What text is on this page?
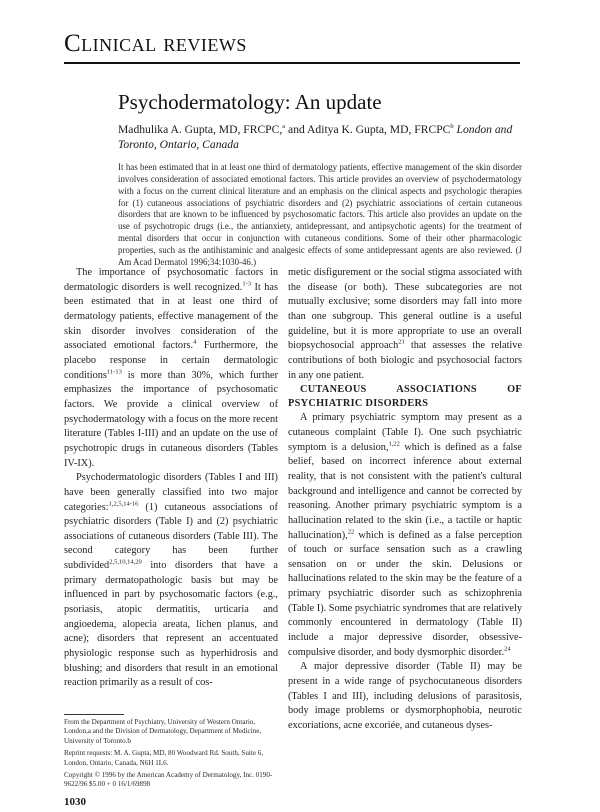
Clinical reviews
Psychodermatology: An update
Madhulika A. Gupta, MD, FRCPC,$^a$ and Aditya K. Gupta, MD, FRCPC$^b$ London and Toronto, Ontario, Canada
It has been estimated that in at least one third of dermatology patients, effective management of the skin disorder involves consideration of associated emotional factors. This article provides an overview of psychodermatology with a focus on the current clinical literature and an emphasis on the clinical aspects and psychologic therapies for (1) cutaneous associations of psychiatric disorders and (2) psychiatric associations of certain cutaneous disorders that are known to be influenced by psychosomatic factors. This article also provides an update on the use of psychotropic drugs (i.e., the antianxiety, antidepressant, and antipsychotic agents) for the treatment of mental disorders that occur in conjunction with cutaneous conditions. Some of their other pharmacologic properties, such as the antihistaminic and analgesic effects of some antidepressant agents are also reviewed. (J Am Acad Dermatol 1996;34:1030-46.)

The importance of psychosomatic factors in dermatologic disorders is well recognized.$^{1-3}$ It has been estimated that in at least one third of dermatology patients, effective management of the skin disorder involves consideration of the associated emotional factors.$^4$ Furthermore, the placebo response in certain dermatologic conditions$^{11-13}$ is more than 30%, which further emphasizes the importance of psychosomatic factors. We provide a clinical overview of psychodermatology with a focus on the more recent literature (Tables I-III) and an update on the use of psychotropic drugs in cutaneous disorders (Tables IV-IX).

Psychodermatologic disorders (Tables I and III) have been generally classified into two major categories:$^{1,2,5,14-16}$ (1) cutaneous associations of psychiatric disorders (Table I) and (2) psychiatric associations of cutaneous disorders (Table III). The second category has been further subdivided$^{2,5,10,14,20}$ into disorders that have a primary dermatopathologic basis but may be influenced in part by psychosomatic factors (e.g., psoriasis, atopic dermatitis, urticaria and angioedema, alopecia areata, lichen planus, and acne); disorders that represent an accentuated physiologic response such as hyperhidrosis and blushing; and disorders that result in an emotional reaction primarily as a result of cos-

metic disfigurement or the social stigma associated with the disease (or both). These subcategories are not mutually exclusive; some disorders may fall into more than one subgroup. This general outline is a useful guideline, but it is more appropriate to use an overall biopsychosocial approach$^{21}$ that assesses the relative contributions of both biologic and psychosocial factors in any one patient.

CUTANEOUS ASSOCIATIONS OF PSYCHIATRIC DISORDERS

A primary psychiatric symptom may present as a cutaneous complaint (Table I). One such psychiatric symptom is a delusion,$^{1,22}$ which is defined as a false belief, based on incorrect inference about external reality, that is not consistent with the patient's cultural background and intelligence and cannot be corrected by reasoning. Another primary psychiatric symptom is a hallucination related to the skin (i.e., a tactile or haptic hallucination),$^{22}$ which is defined as a false perception of touch or surface sensation such as a crawling sensation on or under the skin. Delusions or hallucinations related to the skin may be the feature of a primary psychiatric disorder such as schizophrenia (Table I). Some psychiatric syndromes that are relatively commonly encountered in dermatology (Table II) include a major depressive disorder, obsessive-compulsive disorder, and body dysmorphic disorder.$^{24}$

A major depressive disorder (Table II) may be present in a wide range of psychocutaneous disorders (Tables I and III), including delusions of parasitosis, body image problems or dysmorphophobia, neurotic excoriations, acne excoriée, and cutaneous dyses-

From the Department of Psychiatry, University of Western Ontario, London,a and the Division of Dermatology, Department of Medicine, University of Toronto.b
Reprint requests: M. A. Gupta, MD, 80 Woodward Rd. South, Suite 6, London, Ontario, Canada, N6H 1L6.
Copyright © 1996 by the American Academy of Dermatology, Inc. 0190-9622/96 $5.00 + 0 16/1/69898
1030
